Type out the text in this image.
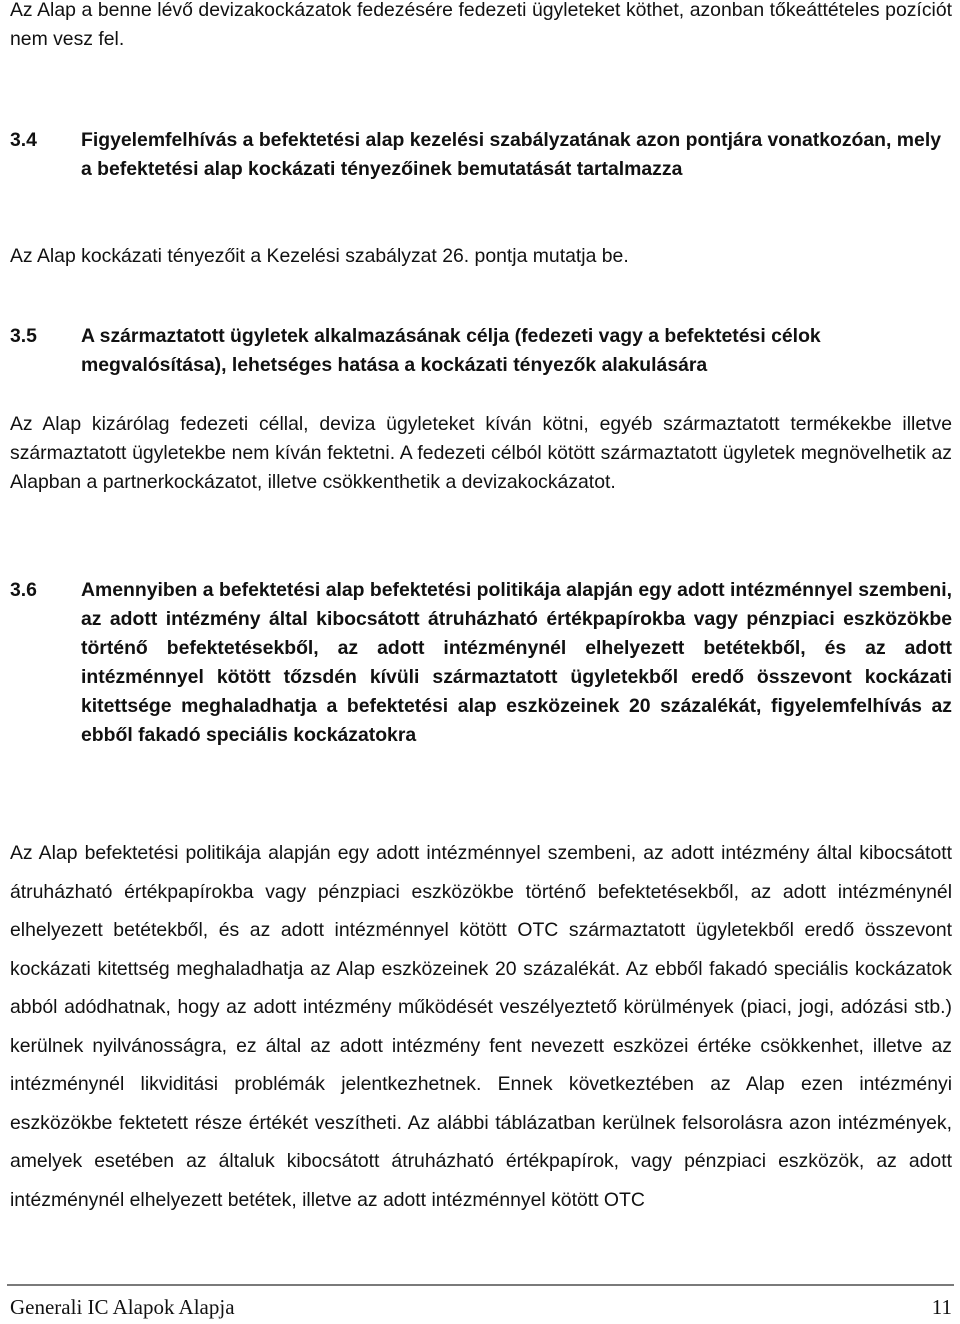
Az Alap a benne lévő devizakockázatok fedezésére fedezeti ügyleteket köthet, azonban tőkeáttételes pozíciót nem vesz fel.

3.4 Figyelemfelhívás a befektetési alap kezelési szabályzatának azon pontjára vonatkozóan, mely a befektetési alap kockázati tényezőinek bemutatását tartalmazza

Az Alap kockázati tényezőit a Kezelési szabályzat 26. pontja mutatja be.

3.5 A származtatott ügyletek alkalmazásának célja (fedezeti vagy a befektetési célok megvalósítása), lehetséges hatása a kockázati tényezők alakulására

Az Alap kizárólag fedezeti céllal, deviza ügyleteket kíván kötni, egyéb származtatott termékekbe illetve származtatott ügyletekbe nem kíván fektetni. A fedezeti célból kötött származtatott ügyletek megnövelhetik az Alapban a partnerkockázatot, illetve csökkenthetik a devizakockázatot.

3.6 Amennyiben a befektetési alap befektetési politikája alapján egy adott intézménnyel szembeni, az adott intézmény által kibocsátott átruházható értékpapírokba vagy pénzpiaci eszközökbe történő befektetésekből, az adott intézménynél elhelyezett betétekből, és az adott intézménnyel kötött tőzsdén kívüli származtatott ügyletekből eredő összevont kockázati kitettsége meghaladhatja a befektetési alap eszközeinek 20 százalékát, figyelemfelhívás az ebből fakadó speciális kockázatokra

Az Alap befektetési politikája alapján egy adott intézménnyel szembeni, az adott intézmény által kibocsátott átruházható értékpapírokba vagy pénzpiaci eszközökbe történő befektetésekből, az adott intézménynél elhelyezett betétekből, és az adott intézménnyel kötött OTC származtatott ügyletekből eredő összevont kockázati kitettség meghaladhatja az Alap eszközeinek 20 százalékát. Az ebből fakadó speciális kockázatok abból adódhatnak, hogy az adott intézmény működését veszélyeztető körülmények (piaci, jogi, adózási stb.) kerülnek nyilvánosságra, ez által az adott intézmény fent nevezett eszközei értéke csökkenhet, illetve az intézménynél likviditási problémák jelentkezhetnek. Ennek következtében az Alap ezen intézményi eszközökbe fektetett része értékét veszítheti. Az alábbi táblázatban kerülnek felsorolásra azon intézmények, amelyek esetében az általuk kibocsátott átruházható értékpapírok, vagy pénzpiaci eszközök, az adott intézménynél elhelyezett betétek, illetve az adott intézménnyel kötött OTC

Generali IC Alapok Alapja	11
